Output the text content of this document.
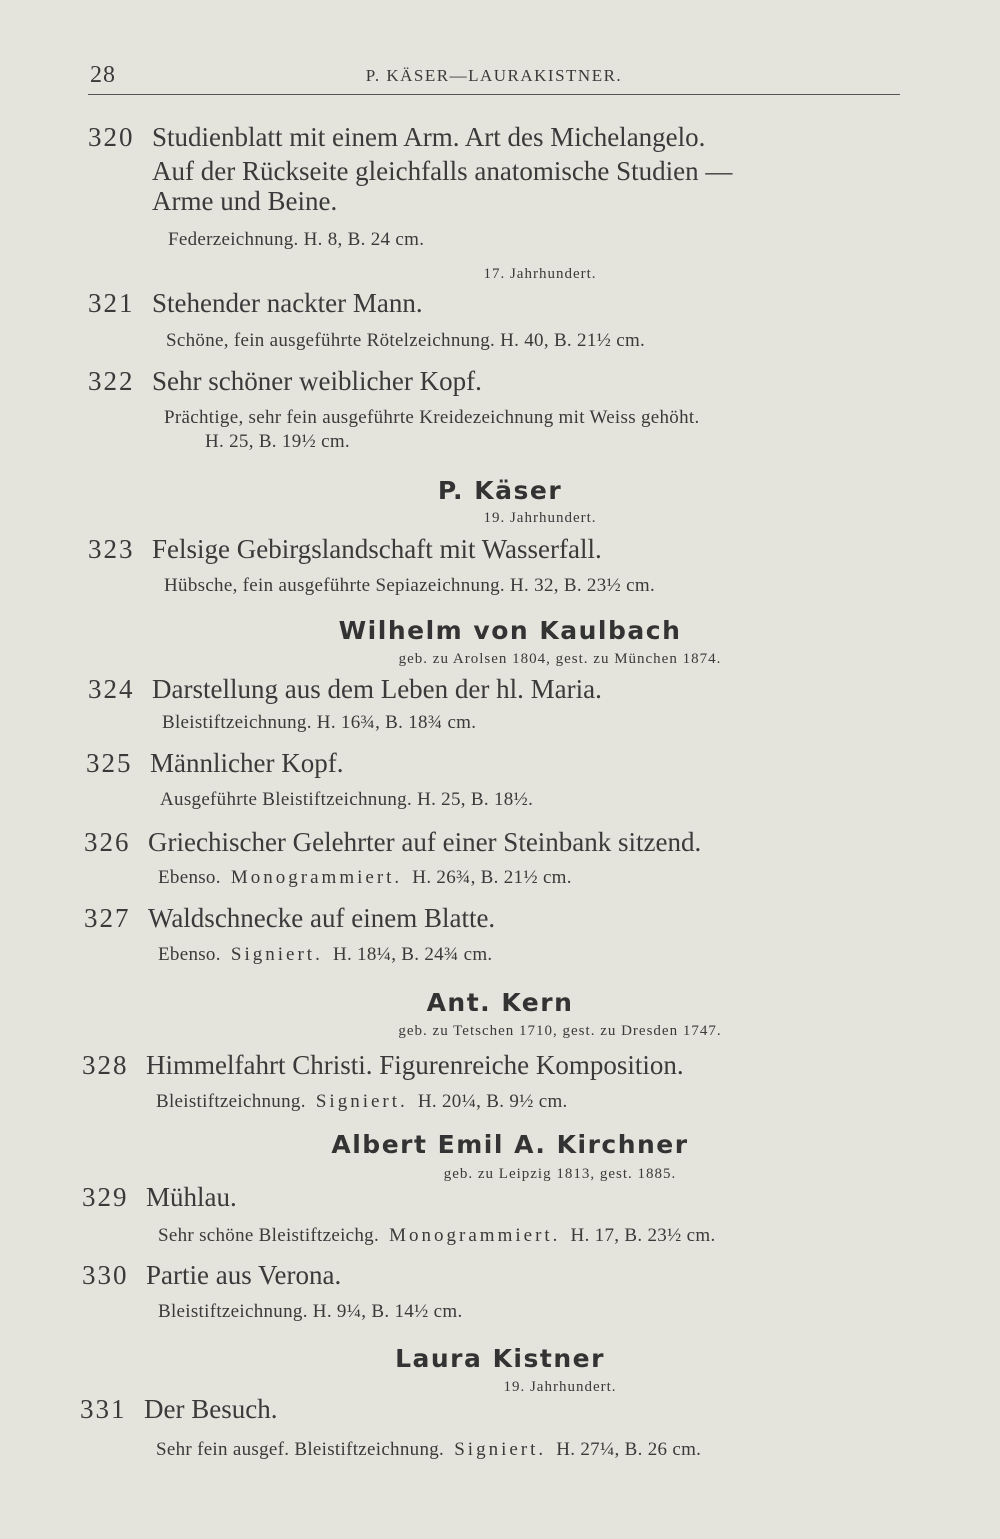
28	P. KÄSER—LAURAKISTNER.
320 Studienblatt mit einem Arm. Art des Michelangelo.
Auf der Rückseite gleichfalls anatomische Studien —
Arme und Beine.
Federzeichnung. H. 8, B. 24 cm.
17. Jahrhundert.
321 Stehender nackter Mann.
Schöne, fein ausgeführte Rötelzeichnung. H. 40, B. 21½ cm.
322 Sehr schöner weiblicher Kopf.
Prächtige, sehr fein ausgeführte Kreidezeichnung mit Weiss gehöht.
H. 25, B. 19½ cm.
P. Käser
19. Jahrhundert.
323 Felsige Gebirgslandschaft mit Wasserfall.
Hübsche, fein ausgeführte Sepiazeichnung. H. 32, B. 23½ cm.
Wilhelm von Kaulbach
geb. zu Arolsen 1804, gest. zu München 1874.
324 Darstellung aus dem Leben der hl. Maria.
Bleistiftzeichnung. H. 16¾, B. 18¾ cm.
325 Männlicher Kopf.
Ausgeführte Bleistiftzeichnung. H. 25, B. 18½.
326 Griechischer Gelehrter auf einer Steinbank sitzend.
Ebenso. Monogrammiert. H. 26¾, B. 21½ cm.
327 Waldschnecke auf einem Blatte.
Ebenso. Signiert. H. 18¼, B. 24¾ cm.
Ant. Kern
geb. zu Tetschen 1710, gest. zu Dresden 1747.
328 Himmelfahrt Christi. Figurenreiche Komposition.
Bleistiftzeichnung. Signiert. H. 20¼, B. 9½ cm.
Albert Emil A. Kirchner
geb. zu Leipzig 1813, gest. 1885.
329 Mühlau.
Sehr schöne Bleistiftzeichg. Monogrammiert. H. 17, B. 23½ cm.
330 Partie aus Verona.
Bleistiftzeichnung. H. 9¼, B. 14½ cm.
Laura Kistner
19. Jahrhundert.
331 Der Besuch.
Sehr fein ausgef. Bleistiftzeichnung. Signiert. H. 27¼, B. 26 cm.
